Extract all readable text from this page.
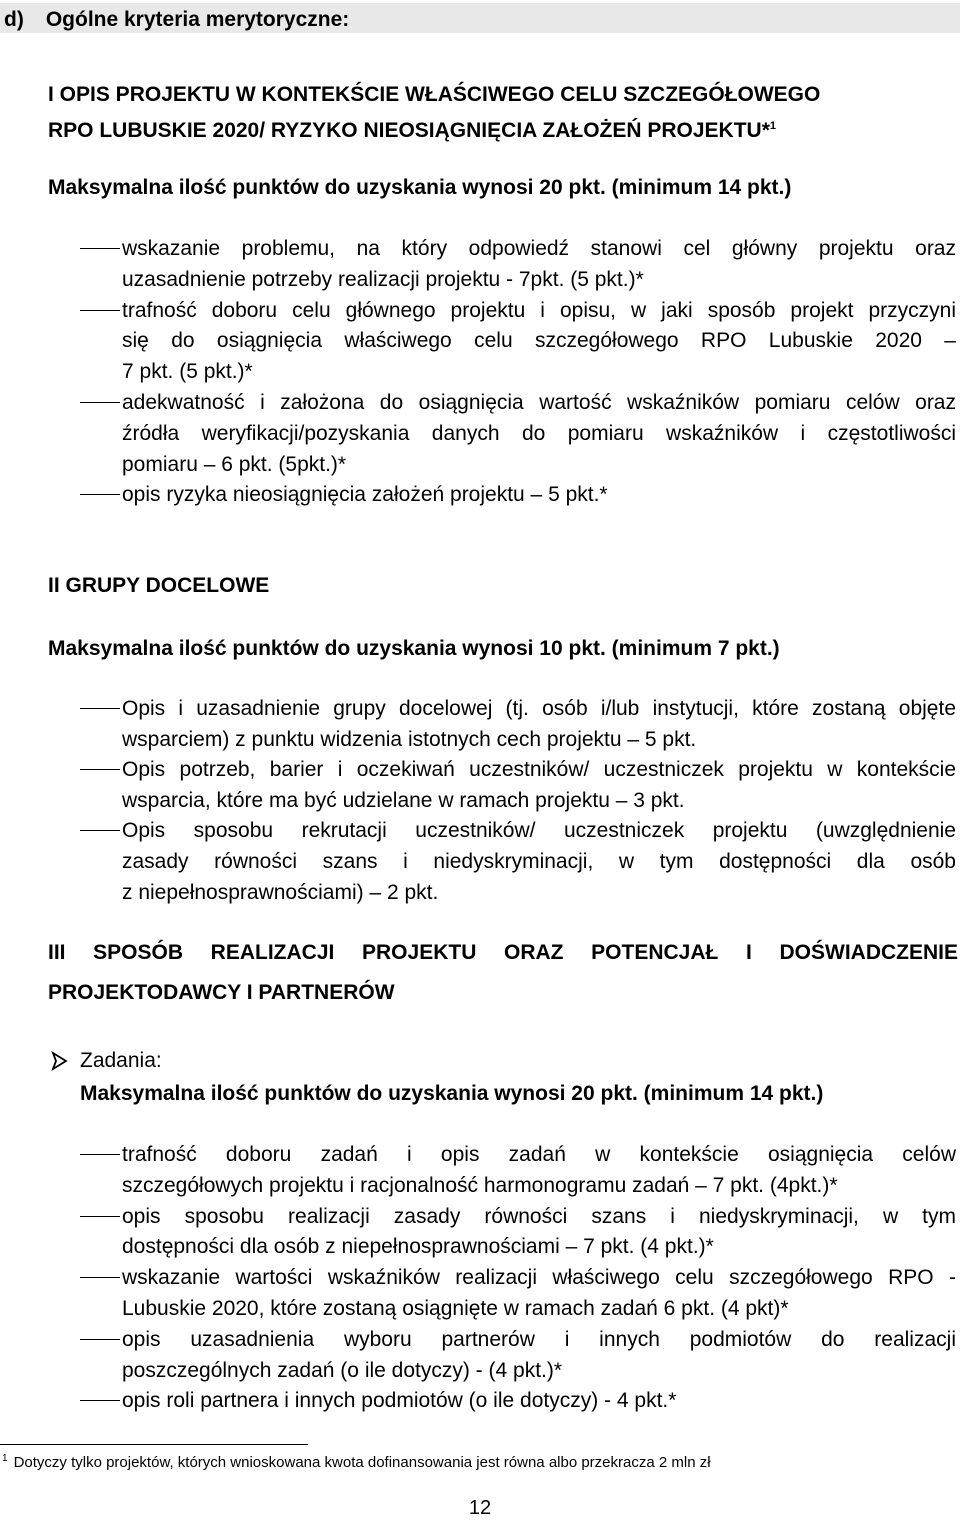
d) Ogólne kryteria merytoryczne:
I OPIS PROJEKTU W KONTEKŚCIE WŁAŚCIWEGO CELU SZCZEGÓŁOWEGO
RPO LUBUSKIE 2020/ RYZYKO NIEOSIĄGNIĘCIA ZAŁOŻEŃ PROJEKTU*$^1$
Maksymalna ilość punktów do uzyskania wynosi 20 pkt. (minimum 14 pkt.)
wskazanie problemu, na który odpowiedź stanowi cel główny projektu oraz
uzasadnienie potrzeby realizacji projektu - 7pkt. (5 pkt.)*
trafność doboru celu głównego projektu i opisu, w jaki sposób projekt przyczyni
się do osiągnięcia właściwego celu szczegółowego RPO Lubuskie 2020 –
7 pkt. (5 pkt.)*
adekwatność i założona do osiągnięcia wartość wskaźników pomiaru celów oraz
źródła weryfikacji/pozyskania danych do pomiaru wskaźników i częstotliwości
pomiaru – 6 pkt. (5pkt.)*
opis ryzyka nieosiągnięcia założeń projektu – 5 pkt.*
II GRUPY DOCELOWE
Maksymalna ilość punktów do uzyskania wynosi 10 pkt. (minimum 7 pkt.)
Opis i uzasadnienie grupy docelowej (tj. osób i/lub instytucji, które zostaną objęte
wsparciem) z punktu widzenia istotnych cech projektu – 5 pkt.
Opis potrzeb, barier i oczekiwań uczestników/ uczestniczek projektu w kontekście
wsparcia, które ma być udzielane w ramach projektu – 3 pkt.
Opis sposobu rekrutacji uczestników/ uczestniczek projektu (uwzględnienie
zasady równości szans i niedyskryminacji, w tym dostępności dla osób
z niepełnosprawnościami) – 2 pkt.
III SPOSÓB REALIZACJI PROJEKTU ORAZ POTENCJAŁ I DOŚWIADCZENIE
PROJEKTODAWCY I PARTNERÓW
Zadania:
Maksymalna ilość punktów do uzyskania wynosi 20 pkt. (minimum 14 pkt.)
trafność doboru zadań i opis zadań w kontekście osiągnięcia celów
szczegółowych projektu i racjonalność harmonogramu zadań – 7 pkt. (4pkt.)*
opis sposobu realizacji zasady równości szans i niedyskryminacji, w tym
dostępności dla osób z niepełnosprawnościami – 7 pkt. (4 pkt.)*
wskazanie wartości wskaźników realizacji właściwego celu szczegółowego RPO -
Lubuskie 2020, które zostaną osiągnięte w ramach zadań 6 pkt. (4 pkt)*
opis uzasadnienia wyboru partnerów i innych podmiotów do realizacji
poszczególnych zadań (o ile dotyczy) - (4 pkt.)*
opis roli partnera i innych podmiotów (o ile dotyczy) - 4 pkt.*
$^1$ Dotyczy tylko projektów, których wnioskowana kwota dofinansowania jest równa albo przekracza 2 mln zł
12
